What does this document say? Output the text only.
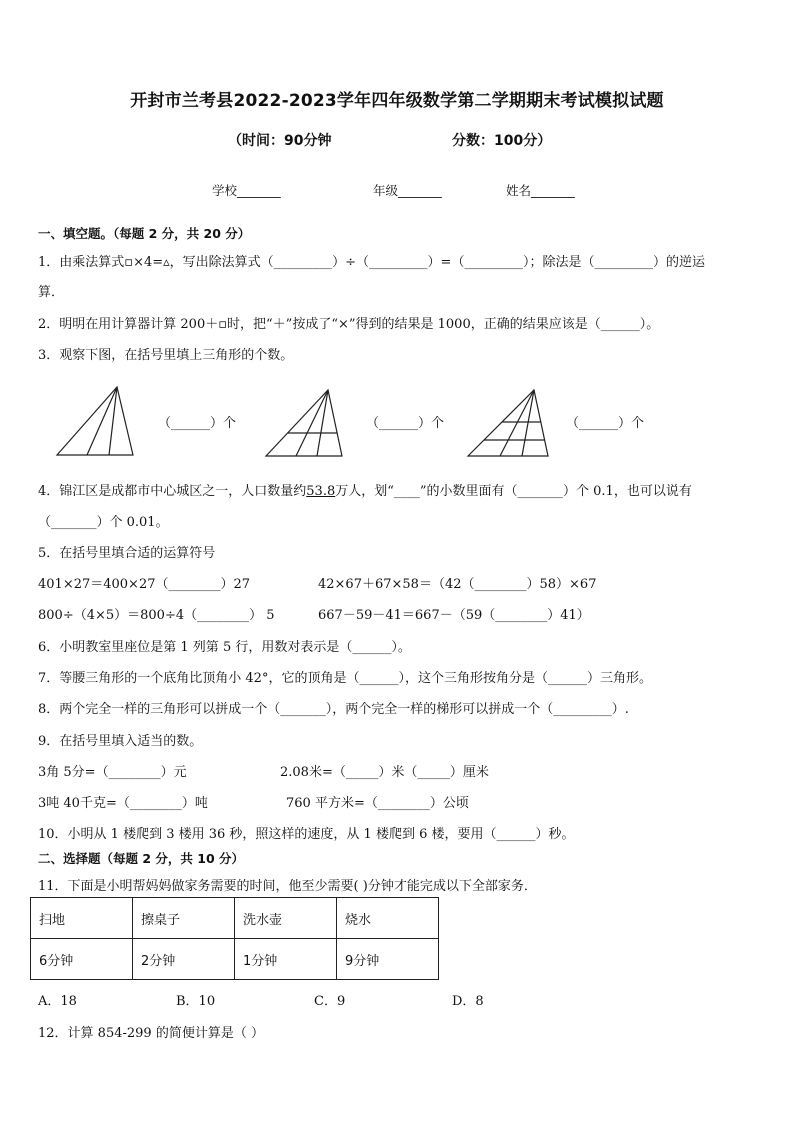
开封市兰考县2022-2023学年四年级数学第二学期期末考试模拟试题
（时间：90分钟	分数：100分）
学校_______	年级_______	姓名_______
一、填空题。（每题 2 分，共 20 分）
1．由乘法算式▫×4=▵，写出除法算式（_________）÷（_________）=（_________）；除法是（_________）的逆运
算．
2．明明在用计算器计算 200＋▫时，把“＋”按成了“×”得到的结果是 1000，正确的结果应该是（______）。
3．观察下图，在括号里填上三角形的个数。
（______）个	（______）个	（______）个
4．锦江区是成都市中心城区之一，人口数量约53.8万人，划“____”的小数里面有（_______）个 0.1，也可以说有
（_______）个 0.01。
5．在括号里填合适的运算符号
401×27＝400×27（________）27	42×67＋67×58＝（42（________）58）×67
800÷（4×5）＝800÷4（________） 5	667－59－41＝667－（59（________）41）
6．小明教室里座位是第 1 列第 5 行，用数对表示是（______）。
7．等腰三角形的一个底角比顶角小 42°，它的顶角是（______），这个三角形按角分是（______）三角形。
8．两个完全一样的三角形可以拼成一个（_______），两个完全一样的梯形可以拼成一个（_________）.
9．在括号里填入适当的数。
3角 5分=（________）元	2.08米=（_____）米（_____）厘米
3吨 40千克=（________）吨	760 平方米=（________）公顷
10．小明从 1 楼爬到 3 楼用 36 秒，照这样的速度，从 1 楼爬到 6 楼，要用（______）秒。
二、选择题（每题 2 分，共 10 分）
11．下面是小明帮妈妈做家务需要的时间，他至少需要( )分钟才能完成以下全部家务．
扫地	擦桌子	洗水壶	烧水
6分钟	2分钟	1分钟	9分钟
A．18	B．10	C．9	D．8
12．计算 854-299 的简便计算是（ ）
